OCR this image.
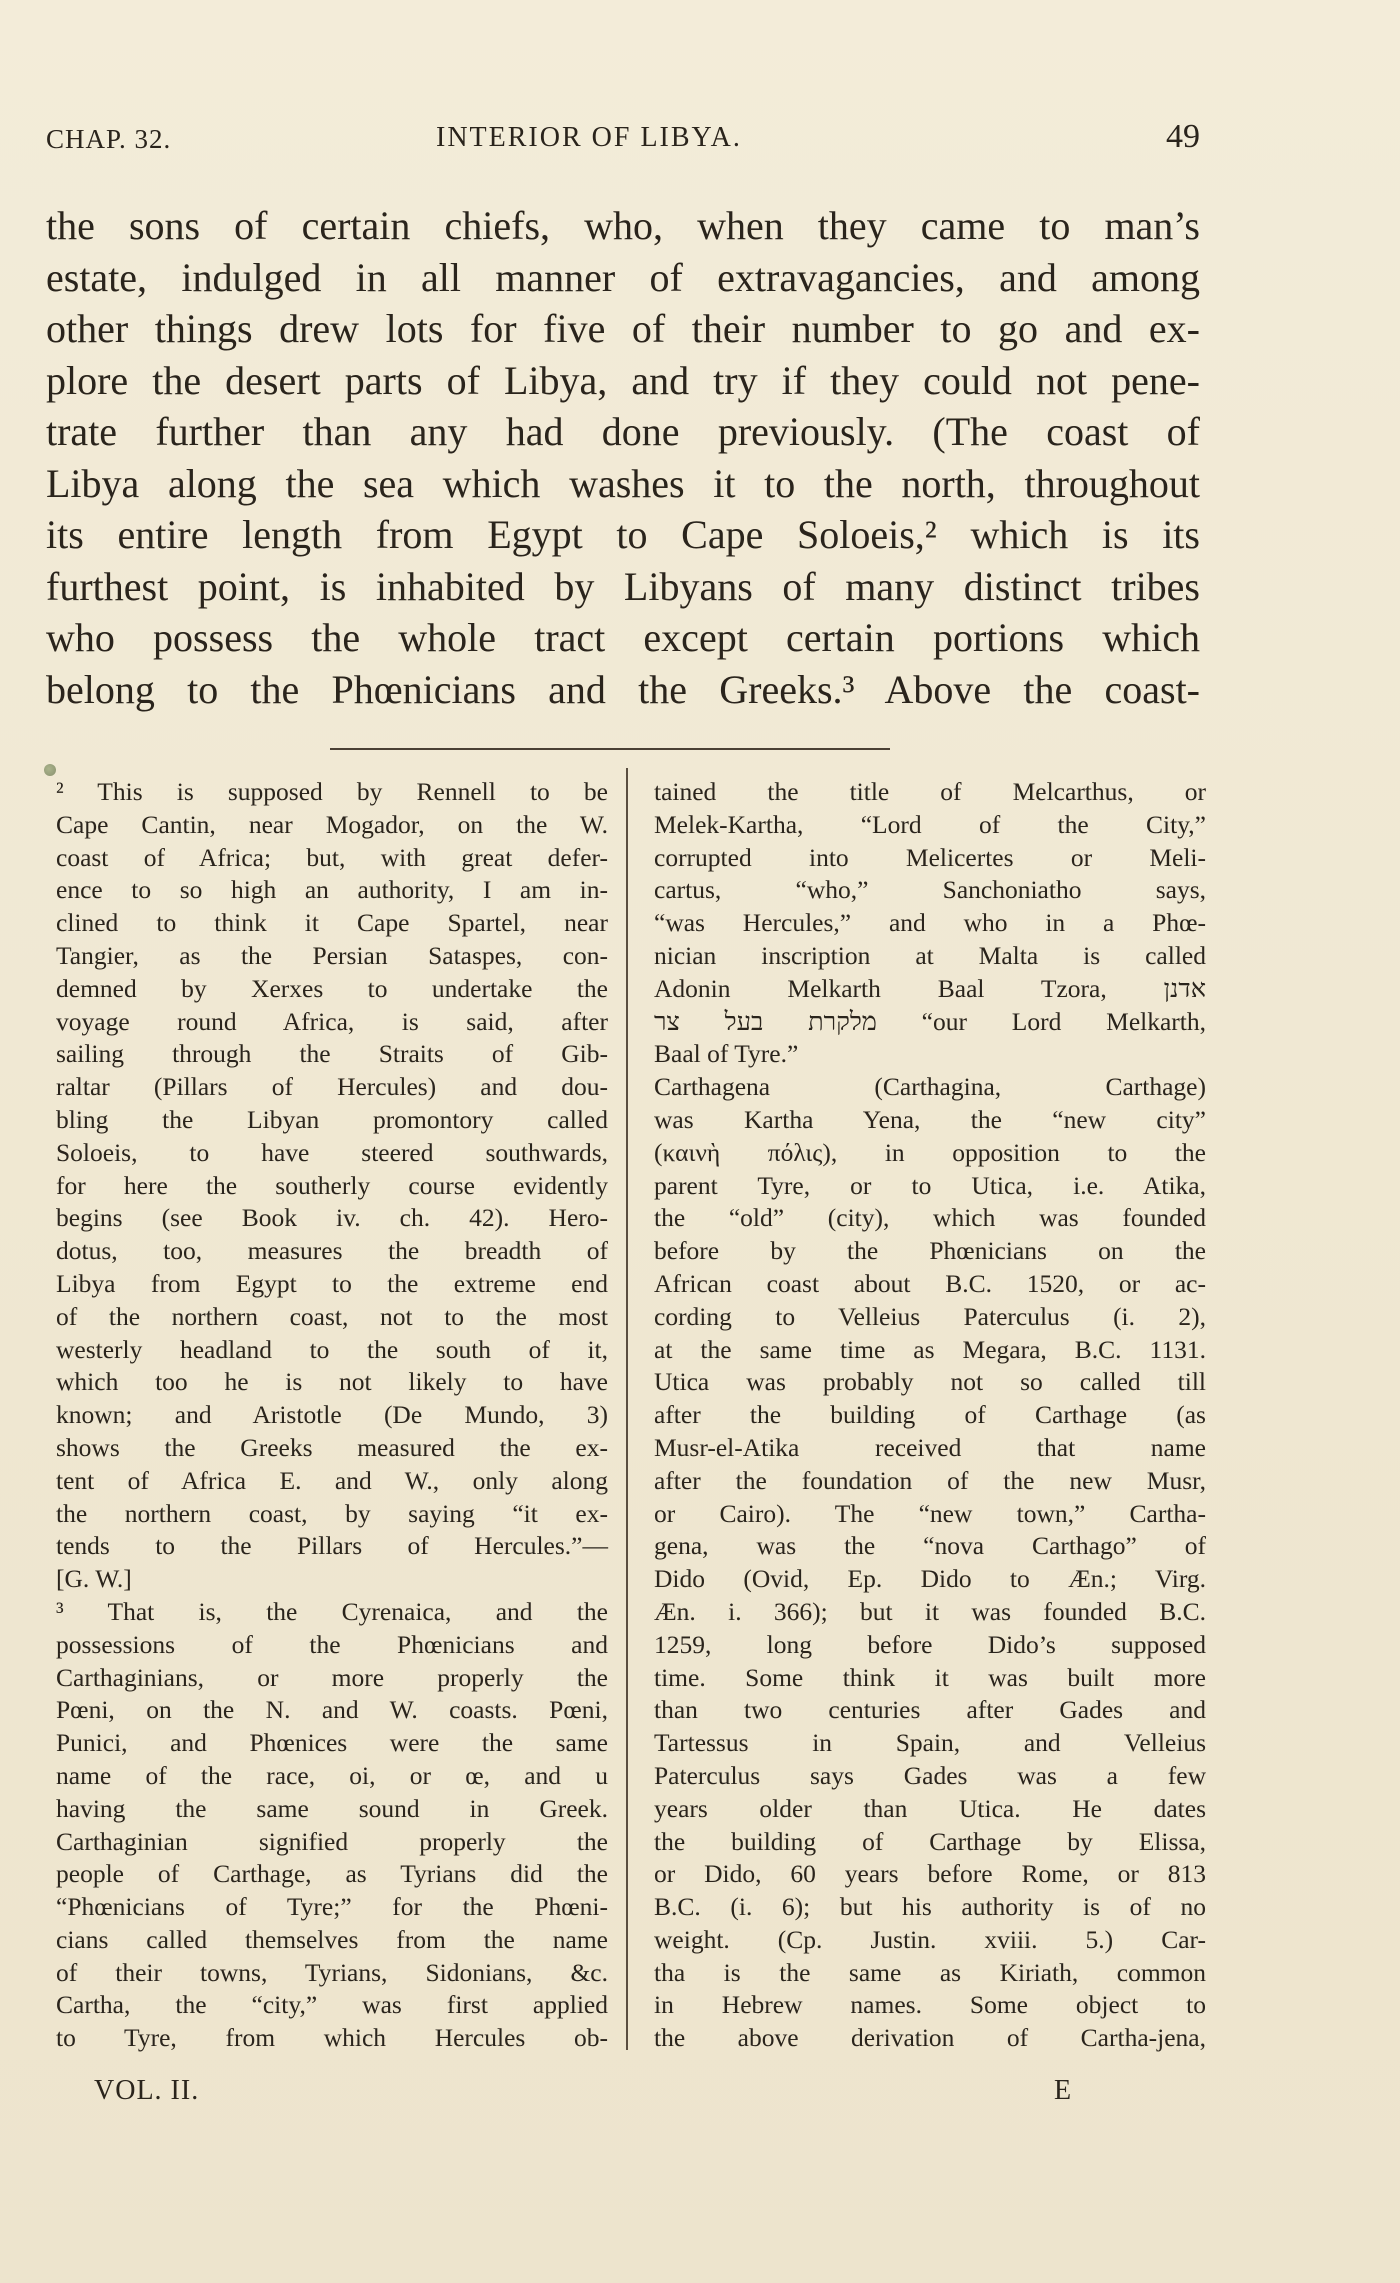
CHAP. 32.	INTERIOR OF LIBYA.	49
the sons of certain chiefs, who, when they came to man’s
estate, indulged in all manner of extravagancies, and among
other things drew lots for five of their number to go and ex-
plore the desert parts of Libya, and try if they could not pene-
trate further than any had done previously. (The coast of
Libya along the sea which washes it to the north, throughout
its entire length from Egypt to Cape Soloeis,² which is its
furthest point, is inhabited by Libyans of many distinct tribes
who possess the whole tract except certain portions which
belong to the Phœnicians and the Greeks.³ Above the coast-
² This is supposed by Rennell to be
Cape Cantin, near Mogador, on the W.
coast of Africa; but, with great defer-
ence to so high an authority, I am in-
clined to think it Cape Spartel, near
Tangier, as the Persian Sataspes, con-
demned by Xerxes to undertake the
voyage round Africa, is said, after
sailing through the Straits of Gib-
raltar (Pillars of Hercules) and dou-
bling the Libyan promontory called
Soloeis, to have steered southwards,
for here the southerly course evidently
begins (see Book iv. ch. 42). Hero-
dotus, too, measures the breadth of
Libya from Egypt to the extreme end
of the northern coast, not to the most
westerly headland to the south of it,
which too he is not likely to have
known; and Aristotle (De Mundo, 3)
shows the Greeks measured the ex-
tent of Africa E. and W., only along
the northern coast, by saying “it ex-
tends to the Pillars of Hercules.”—
[G. W.]
³ That is, the Cyrenaica, and the
possessions of the Phœnicians and
Carthaginians, or more properly the
Pœni, on the N. and W. coasts. Pœni,
Punici, and Phœnices were the same
name of the race, oi, or œ, and u
having the same sound in Greek.
Carthaginian signified properly the
people of Carthage, as Tyrians did the
“Phœnicians of Tyre;” for the Phœni-
cians called themselves from the name
of their towns, Tyrians, Sidonians, &c.
Cartha, the “city,” was first applied
to Tyre, from which Hercules ob-
tained the title of Melcarthus, or
Melek-Kartha, “Lord of the City,”
corrupted into Melicertes or Meli-
cartus, “who,” Sanchoniatho says,
“was Hercules,” and who in a Phœ-
nician inscription at Malta is called
Adonin Melkarth Baal Tzora, אדנן
מלקרת בעל צר “our Lord Melkarth,
Baal of Tyre.”
Carthagena (Carthagina, Carthage)
was Kartha Yena, the “new city”
(καινὴ πόλις), in opposition to the
parent Tyre, or to Utica, i.e. Atika,
the “old” (city), which was founded
before by the Phœnicians on the
African coast about B.C. 1520, or ac-
cording to Velleius Paterculus (i. 2),
at the same time as Megara, B.C. 1131.
Utica was probably not so called till
after the building of Carthage (as
Musr-el-Atika received that name
after the foundation of the new Musr,
or Cairo). The “new town,” Cartha-
gena, was the “nova Carthago” of
Dido (Ovid, Ep. Dido to Æn.; Virg.
Æn. i. 366); but it was founded B.C.
1259, long before Dido’s supposed
time. Some think it was built more
than two centuries after Gades and
Tartessus in Spain, and Velleius
Paterculus says Gades was a few
years older than Utica. He dates
the building of Carthage by Elissa,
or Dido, 60 years before Rome, or 813
B.C. (i. 6); but his authority is of no
weight. (Cp. Justin. xviii. 5.) Car-
tha is the same as Kiriath, common
in Hebrew names. Some object to
the above derivation of Cartha-jena,
VOL. II.	E
